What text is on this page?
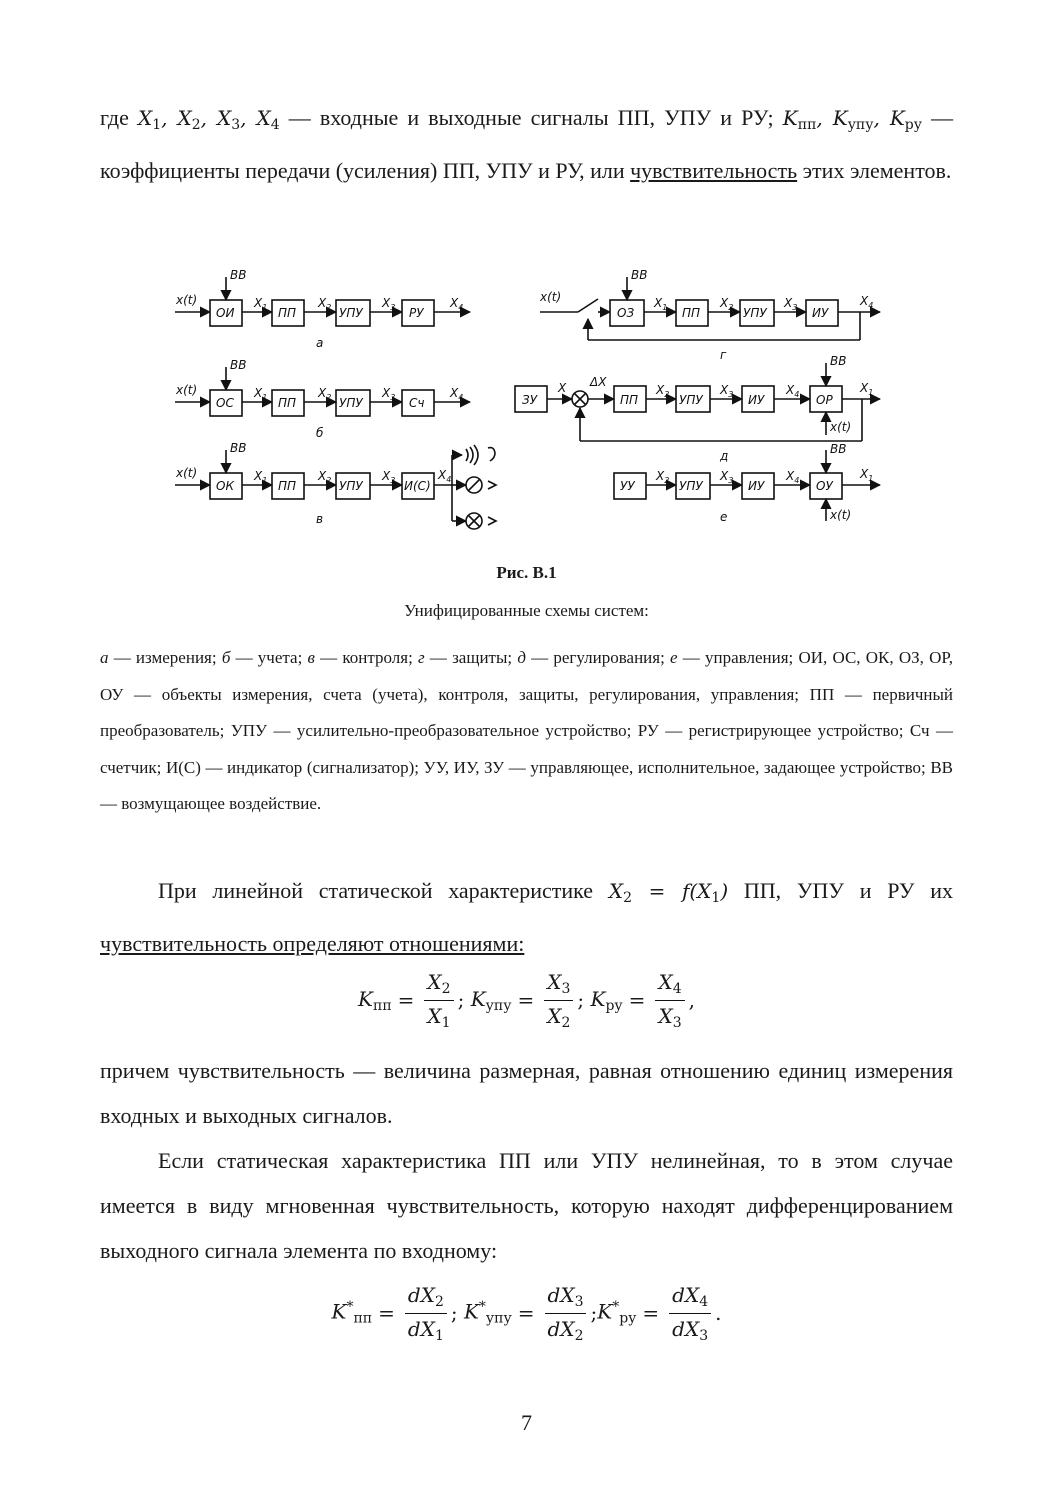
где $X_1$, $X_2$, $X_3$, $X_4$ — входные и выходные сигналы ПП, УПУ и РУ; $K_{пп}$, $K_{упу}$, $K_{ру}$ — коэффициенты передачи (усиления) ПП, УПУ и РУ, или чувствительность этих элементов.

x(t)
ВВ
ОИ
$X_1$ ПП
$X_2$ УПУ
$X_3$ РУ
$X_4$
а
x(t)
ВВ
ОС
$X_1$ ПП
$X_2$ УПУ
$X_3$ Сч
$X_4$
б
x(t)
ВВ
ОК
$X_1$ ПП
$X_2$ УПУ
$X_3$ И(С)
$X_4$
в
x(t)
ВВ
ОЗ
$X_1$ ПП
$X_2$ УПУ
$X_3$ ИУ
$X_4$
г
ЗУ
X ΔX
ПП
$X_2$ УПУ
$X_3$ ИУ
$X_4$ ОР
ВВ
x(t)
$X_1$
д
УУ
$X_2$ УПУ
$X_3$ ИУ
$X_4$ ОУ
ВВ
x(t)
$X_1$
е
Рис. В.1
Унифицированные схемы систем:
а — измерения; б — учета; в — контроля; г — защиты; д — регулирования; е — управления; ОИ, ОС, ОК, ОЗ, ОР, ОУ — объекты измерения, счета (учета), контроля, защиты, регулирования, управления; ПП — первичный преобразователь; УПУ — усилительно-преобразовательное устройство; РУ — регистрирующее устройство; Сч — счетчик; И(С) — индикатор (сигнализатор); УУ, ИУ, ЗУ — управляющее, исполнительное, задающее устройство; ВВ — возмущающее воздействие.

При линейной статической характеристике $X_2 = f(X_1)$ ПП, УПУ и РУ их чувствительность определяют отношениями:

$K_{пп} = \frac{X_2}{X_1}$ ; $K_{упу} = \frac{X_3}{X_2}$ ; $K_{ру} = \frac{X_4}{X_3}$ ,

причем чувствительность — величина размерная, равная отношению единиц измерения входных и выходных сигналов.

Если статическая характеристика ПП или УПУ нелинейная, то в этом случае имеется в виду мгновенная чувствительность, которую находят дифференцированием выходного сигнала элемента по входному:

$K^*_{пп} = \frac{dX_2}{dX_1}$ ; $K^*_{упу} = \frac{dX_3}{dX_2}$ ; $K^*_{ру} = \frac{dX_4}{dX_3}$ .
7
